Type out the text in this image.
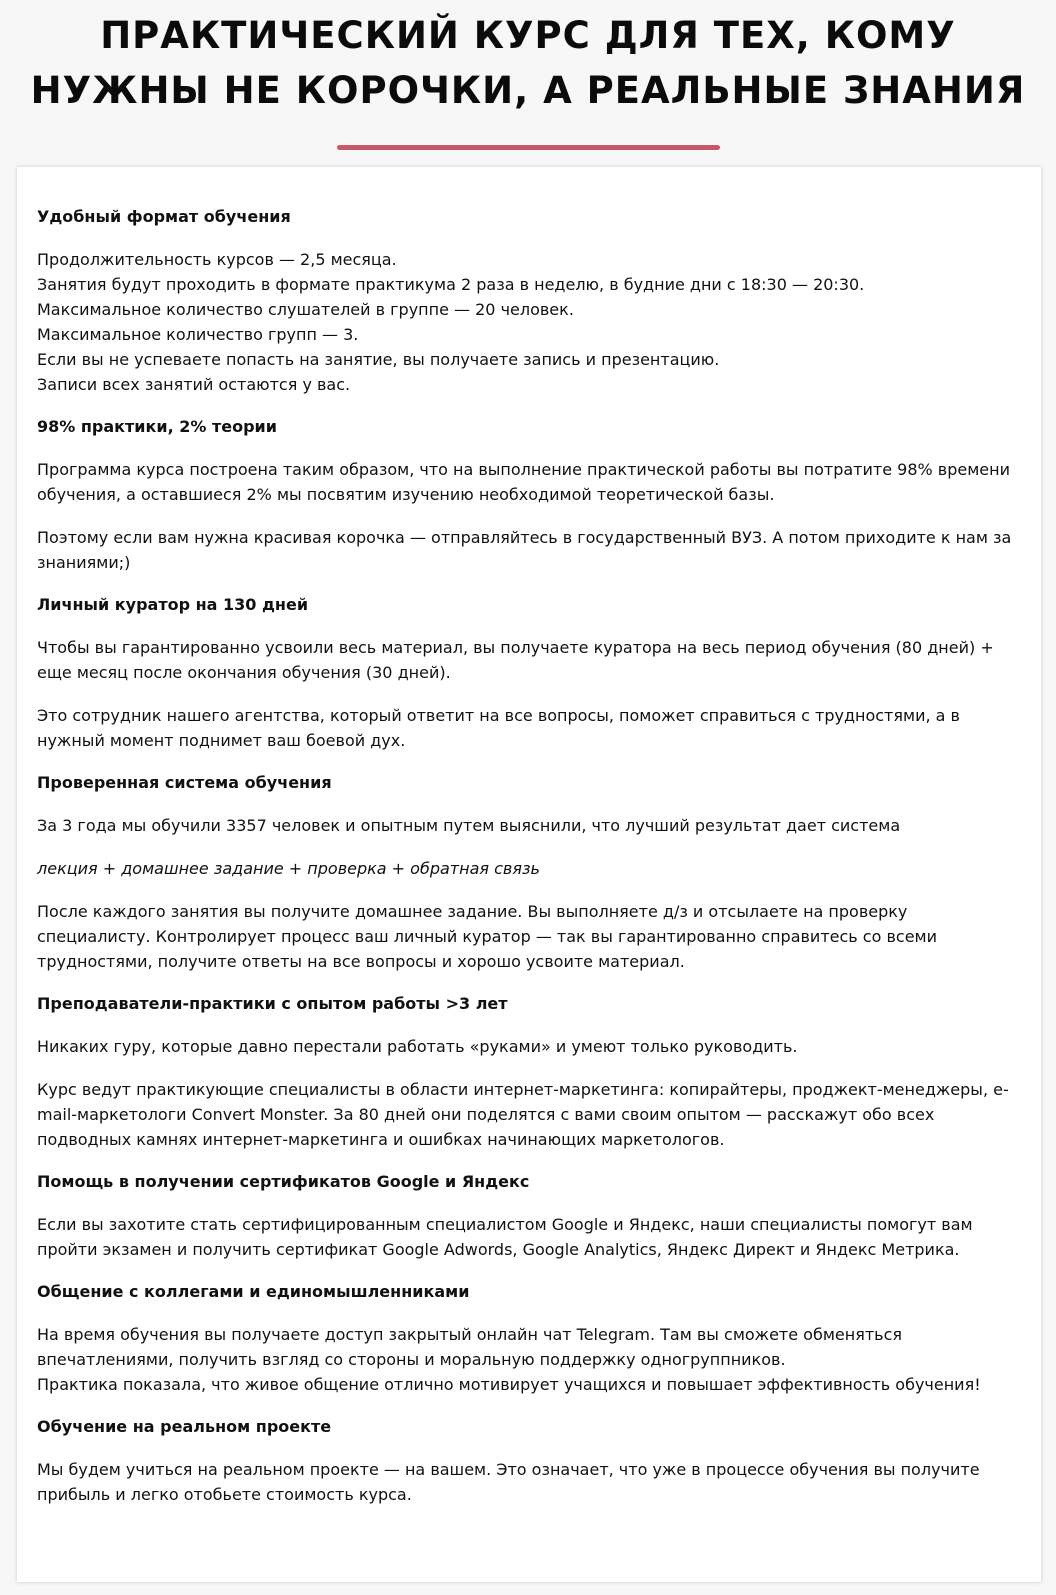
ПРАКТИЧЕСКИЙ КУРС ДЛЯ ТЕХ, КОМУ
НУЖНЫ НЕ КОРОЧКИ, А РЕАЛЬНЫЕ ЗНАНИЯ
Удобный формат обучения
Продолжительность курсов — 2,5 месяца.
Занятия будут проходить в формате практикума 2 раза в неделю, в будние дни с 18:30 — 20:30.
Максимальное количество слушателей в группе — 20 человек.
Максимальное количество групп — 3.
Если вы не успеваете попасть на занятие, вы получаете запись и презентацию.
Записи всех занятий остаются у вас.
98% практики, 2% теории
Программа курса построена таким образом, что на выполнение практической работы вы потратите 98% времени обучения, а оставшиеся 2% мы посвятим изучению необходимой теоретической базы.
Поэтому если вам нужна красивая корочка — отправляйтесь в государственный ВУЗ. А потом приходите к нам за знаниями;)
Личный куратор на 130 дней
Чтобы вы гарантированно усвоили весь материал, вы получаете куратора на весь период обучения (80 дней) + еще месяц после окончания обучения (30 дней).
Это сотрудник нашего агентства, который ответит на все вопросы, поможет справиться с трудностями, а в нужный момент поднимет ваш боевой дух.
Проверенная система обучения
За 3 года мы обучили 3357 человек и опытным путем выяснили, что лучший результат дает система
лекция + домашнее задание + проверка + обратная связь
После каждого занятия вы получите домашнее задание. Вы выполняете д/з и отсылаете на проверку специалисту. Контролирует процесс ваш личный куратор — так вы гарантированно справитесь со всеми трудностями, получите ответы на все вопросы и хорошо усвоите материал.
Преподаватели-практики с опытом работы >3 лет
Никаких гуру, которые давно перестали работать «руками» и умеют только руководить.
Курс ведут практикующие специалисты в области интернет-маркетинга: копирайтеры, проджект-менеджеры, e-mail-маркетологи Convert Monster. За 80 дней они поделятся с вами своим опытом — расскажут обо всех подводных камнях интернет-маркетинга и ошибках начинающих маркетологов.
Помощь в получении сертификатов Google и Яндекс
Если вы захотите стать сертифицированным специалистом Google и Яндекс, наши специалисты помогут вам пройти экзамен и получить сертификат Google Adwords, Google Analytics, Яндекс Директ и Яндекс Метрика.
Общение с коллегами и единомышленниками
На время обучения вы получаете доступ закрытый онлайн чат Telegram. Там вы сможете обменяться впечатлениями, получить взгляд со стороны и моральную поддержку одногруппников.
Практика показала, что живое общение отлично мотивирует учащихся и повышает эффективность обучения!
Обучение на реальном проекте
Мы будем учиться на реальном проекте — на вашем. Это означает, что уже в процессе обучения вы получите прибыль и легко отобьете стоимость курса.
